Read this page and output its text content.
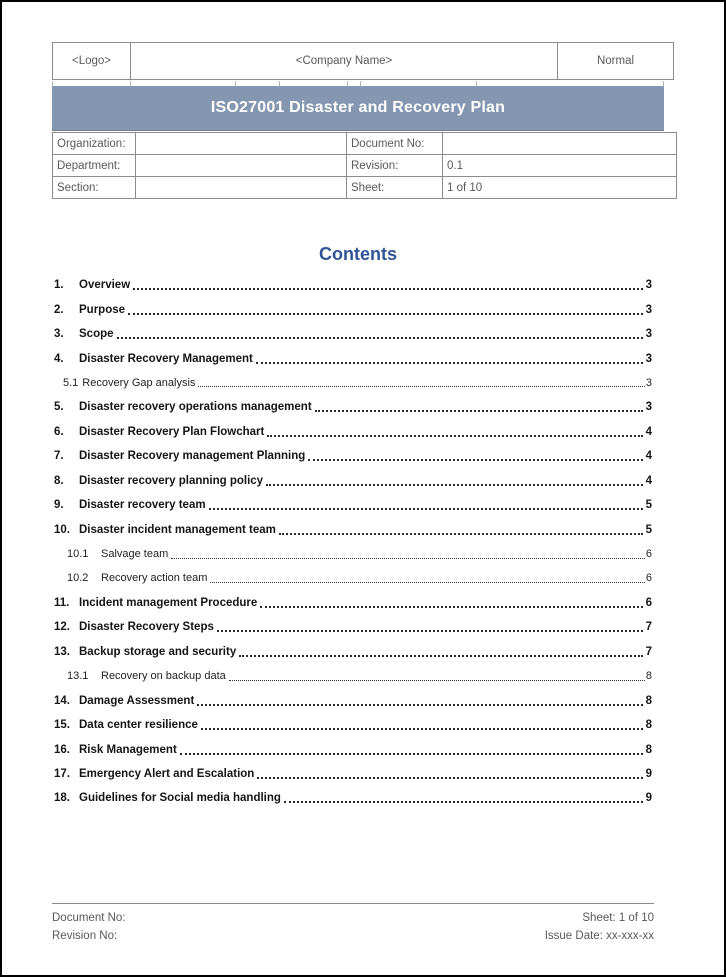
<Logo>	<Company Name>	Normal
ISO27001 Disaster and Recovery Plan
Organization:		Document No:	
Department:		Revision:	0.1
Section:		Sheet:	1 of 10
Contents
1.	Overview	3
2.	Purpose	3
3.	Scope	3
4.	Disaster Recovery Management	3
5.1 Recovery Gap analysis	3
5.	Disaster recovery operations management	3
6.	Disaster Recovery Plan Flowchart	4
7.	Disaster Recovery management Planning	4
8.	Disaster recovery planning policy	4
9.	Disaster recovery team	5
10. Disaster incident management team	5
10.1	Salvage team	6
10.2	Recovery action team	6
11. Incident management Procedure	6
12. Disaster Recovery Steps	7
13. Backup storage and security	7
13.1	Recovery on backup data	8
14. Damage Assessment	8
15. Data center resilience	8
16. Risk Management	8
17. Emergency Alert and Escalation	9
18. Guidelines for Social media handling	9
Document No:
Revision No:
Sheet: 1 of 10
Issue Date: xx-xxx-xx
